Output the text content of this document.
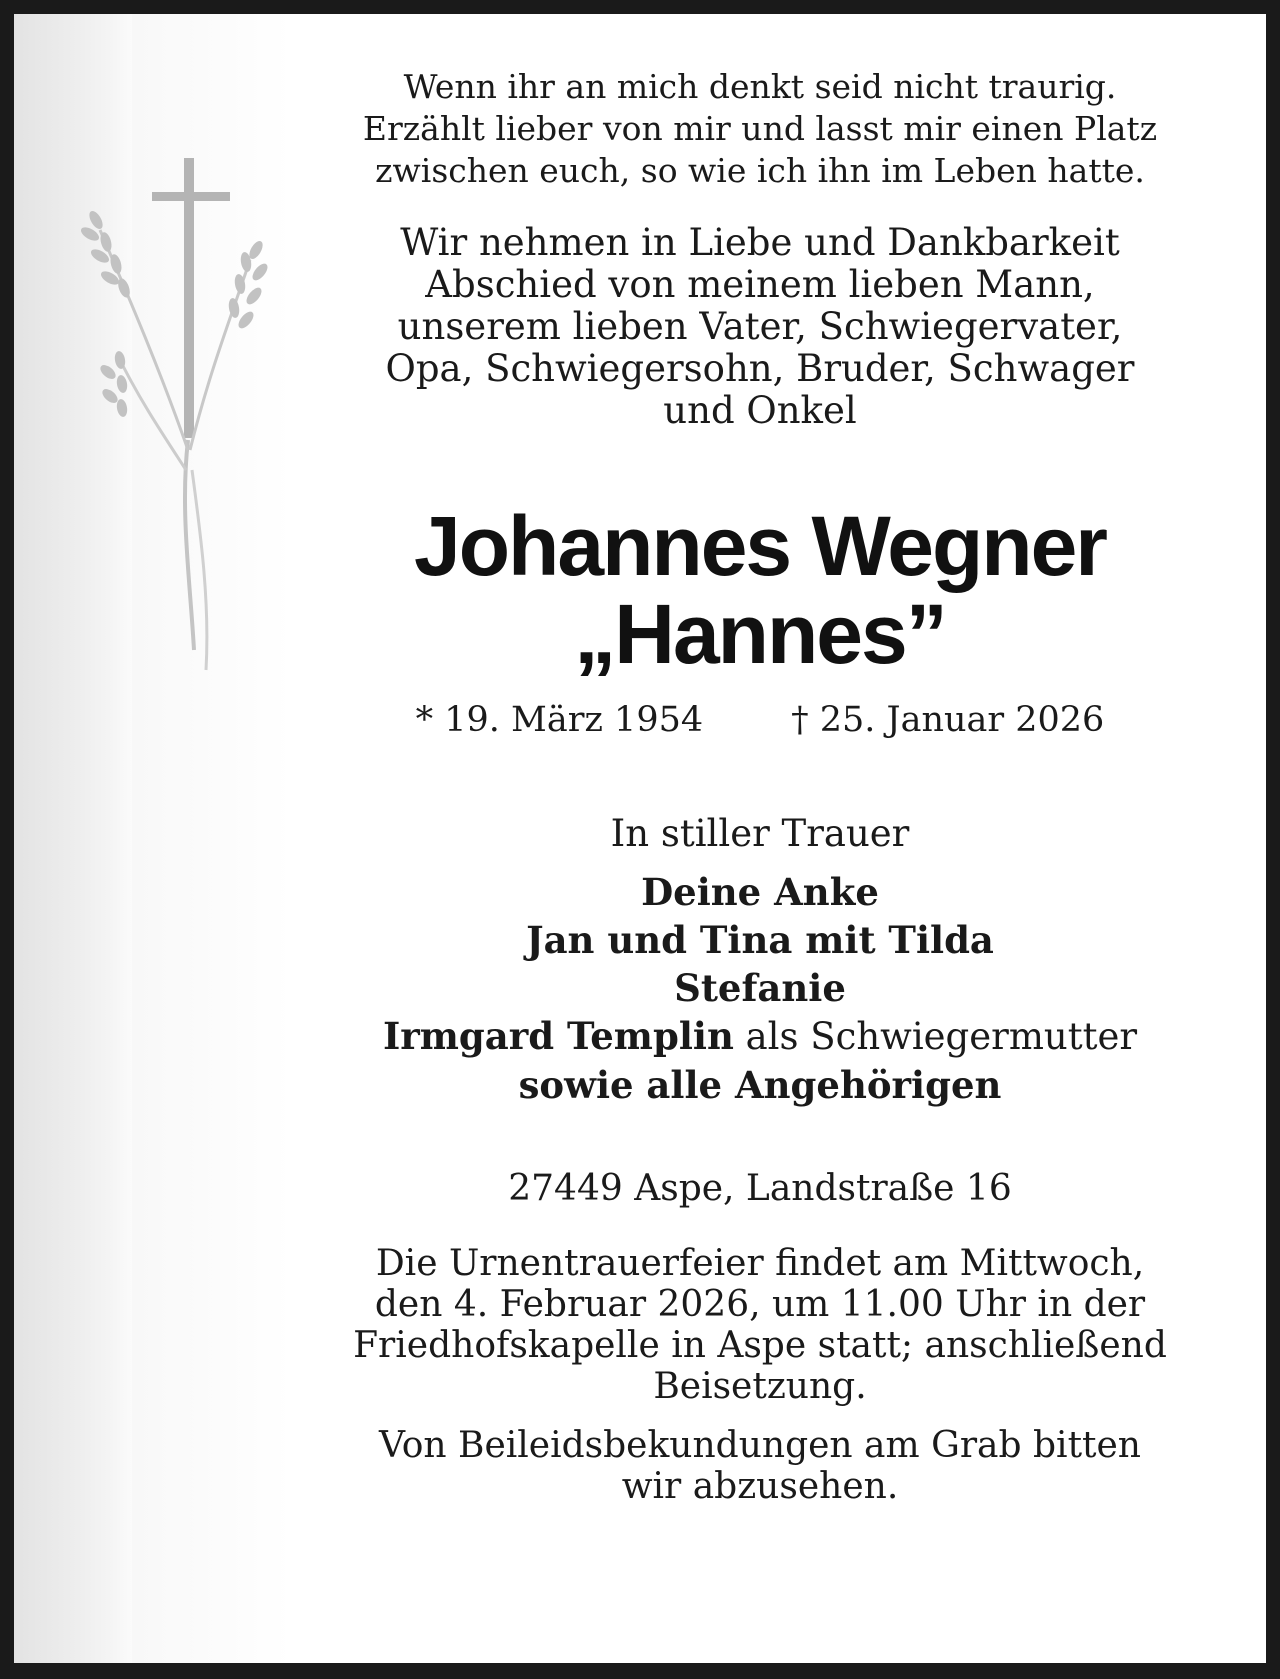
Wenn ihr an mich denkt seid nicht traurig.
Erzählt lieber von mir und lasst mir einen Platz
zwischen euch, so wie ich ihn im Leben hatte.
Wir nehmen in Liebe und Dankbarkeit
Abschied von meinem lieben Mann,
unserem lieben Vater, Schwiegervater,
Opa, Schwiegersohn, Bruder, Schwager
und Onkel
Johannes Wegner
„Hannes”
* 19. März 1954	† 25. Januar 2026
In stiller Trauer
Deine Anke
Jan und Tina mit Tilda
Stefanie
Irmgard Templin als Schwiegermutter
sowie alle Angehörigen
27449 Aspe, Landstraße 16
Die Urnentrauerfeier findet am Mittwoch,
den 4. Februar 2026, um 11.00 Uhr in der
Friedhofskapelle in Aspe statt; anschließend
Beisetzung.
Von Beileidsbekundungen am Grab bitten
wir abzusehen.
